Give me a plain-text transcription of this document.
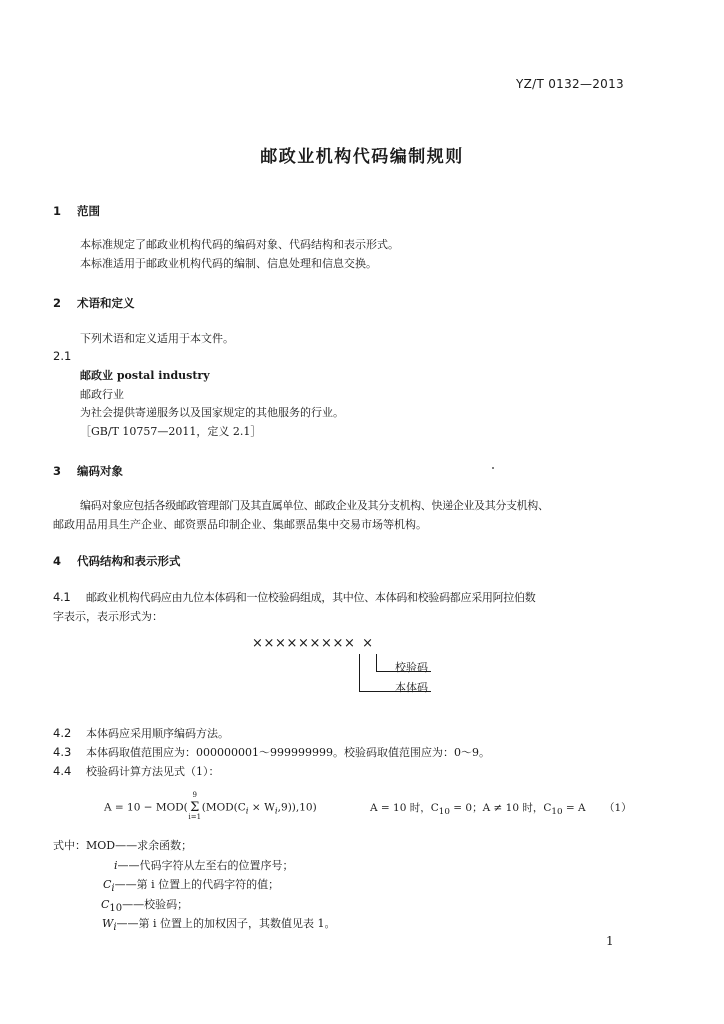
YZ/T 0132—2013
邮政业机构代码编制规则
1 范围
本标准规定了邮政业机构代码的编码对象、代码结构和表示形式。
本标准适用于邮政业机构代码的编制、信息处理和信息交换。
2 术语和定义
下列术语和定义适用于本文件。
2.1
邮政业 postal industry
邮政行业
为社会提供寄递服务以及国家规定的其他服务的行业。
［GB/T 10757—2011，定义 2.1］
3 编码对象
编码对象应包括各级邮政管理部门及其直属单位、邮政企业及其分支机构、快递企业及其分支机构、
邮政用品用具生产企业、邮资票品印制企业、集邮票品集中交易市场等机构。
4 代码结构和表示形式
4.1 邮政业机构代码应由九位本体码和一位校验码组成，其中位、本体码和校验码都应采用阿拉伯数
字表示，表示形式为：
××××××××× ×
校验码
本体码
4.2 本体码应采用顺序编码方法。
4.3 本体码取值范围应为：000000001～999999999。校验码取值范围应为：0～9。
4.4 校验码计算方法见式（1）：
A = 10 − MOD(
9
Σ
i=1
$(MOD(C_i \times W_i,9)),10$)	A = 10 时，$C_{10} = 0$；A ≠ 10 时，$C_{10} = A$ （1）
式中：MOD——求余函数；
i——代码字符从左至右的位置序号；
$C_i——$第 i 位置上的代码字符的值；
$C_{10}——$校验码；
$W_i——$第 i 位置上的加权因子，其数值见表 1。
1
